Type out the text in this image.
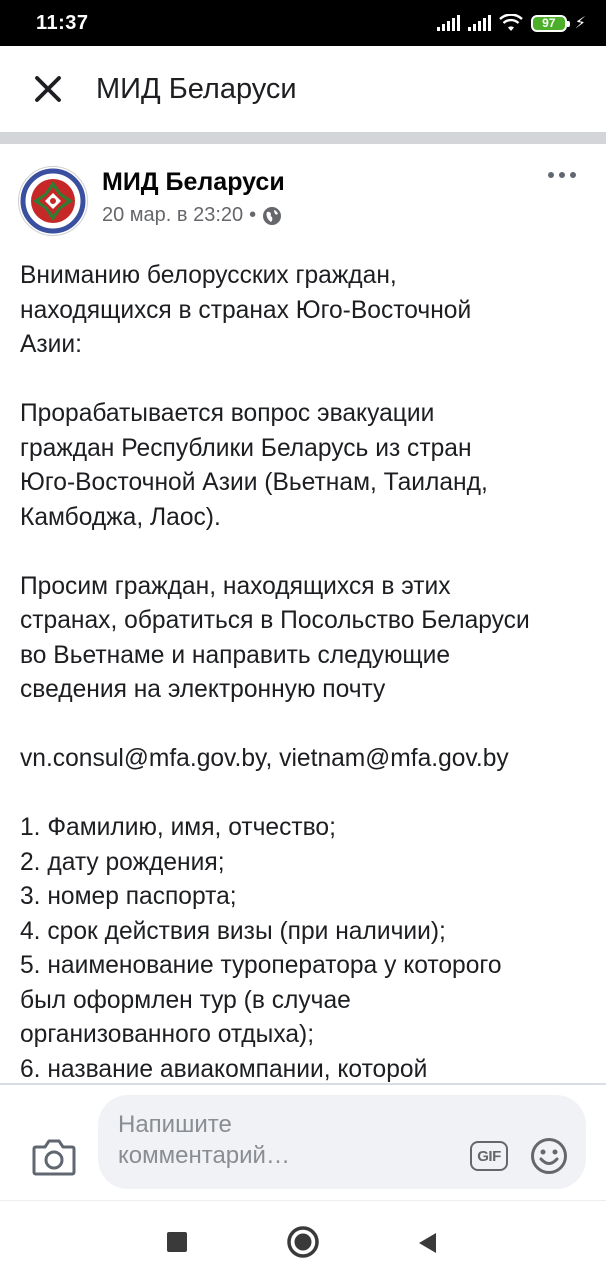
11:37	97	⚡
МИД Беларуси
МИД Беларуси
20 мар. в 23:20 •

Вниманию белорусских граждан,

находящихся в странах Юго-Восточной

Азии:

Прорабатывается вопрос эвакуации

граждан Республики Беларусь из стран

Юго-Восточной Азии (Вьетнам, Таиланд,

Камбоджа, Лаос).

Просим граждан, находящихся в этих

странах, обратиться в Посольство Беларуси

во Вьетнаме и направить следующие

сведения на электронную почту

vn.consul@mfa.gov.by, vietnam@mfa.gov.by

1. Фамилию, имя, отчество;

2. дату рождения;

3. номер паспорта;

4. срок действия визы (при наличии);

5. наименование туроператора у которого

был оформлен тур (в случае

организованного отдыха);

6. название авиакомпании, которой

Напишите
комментарий…	GIF
